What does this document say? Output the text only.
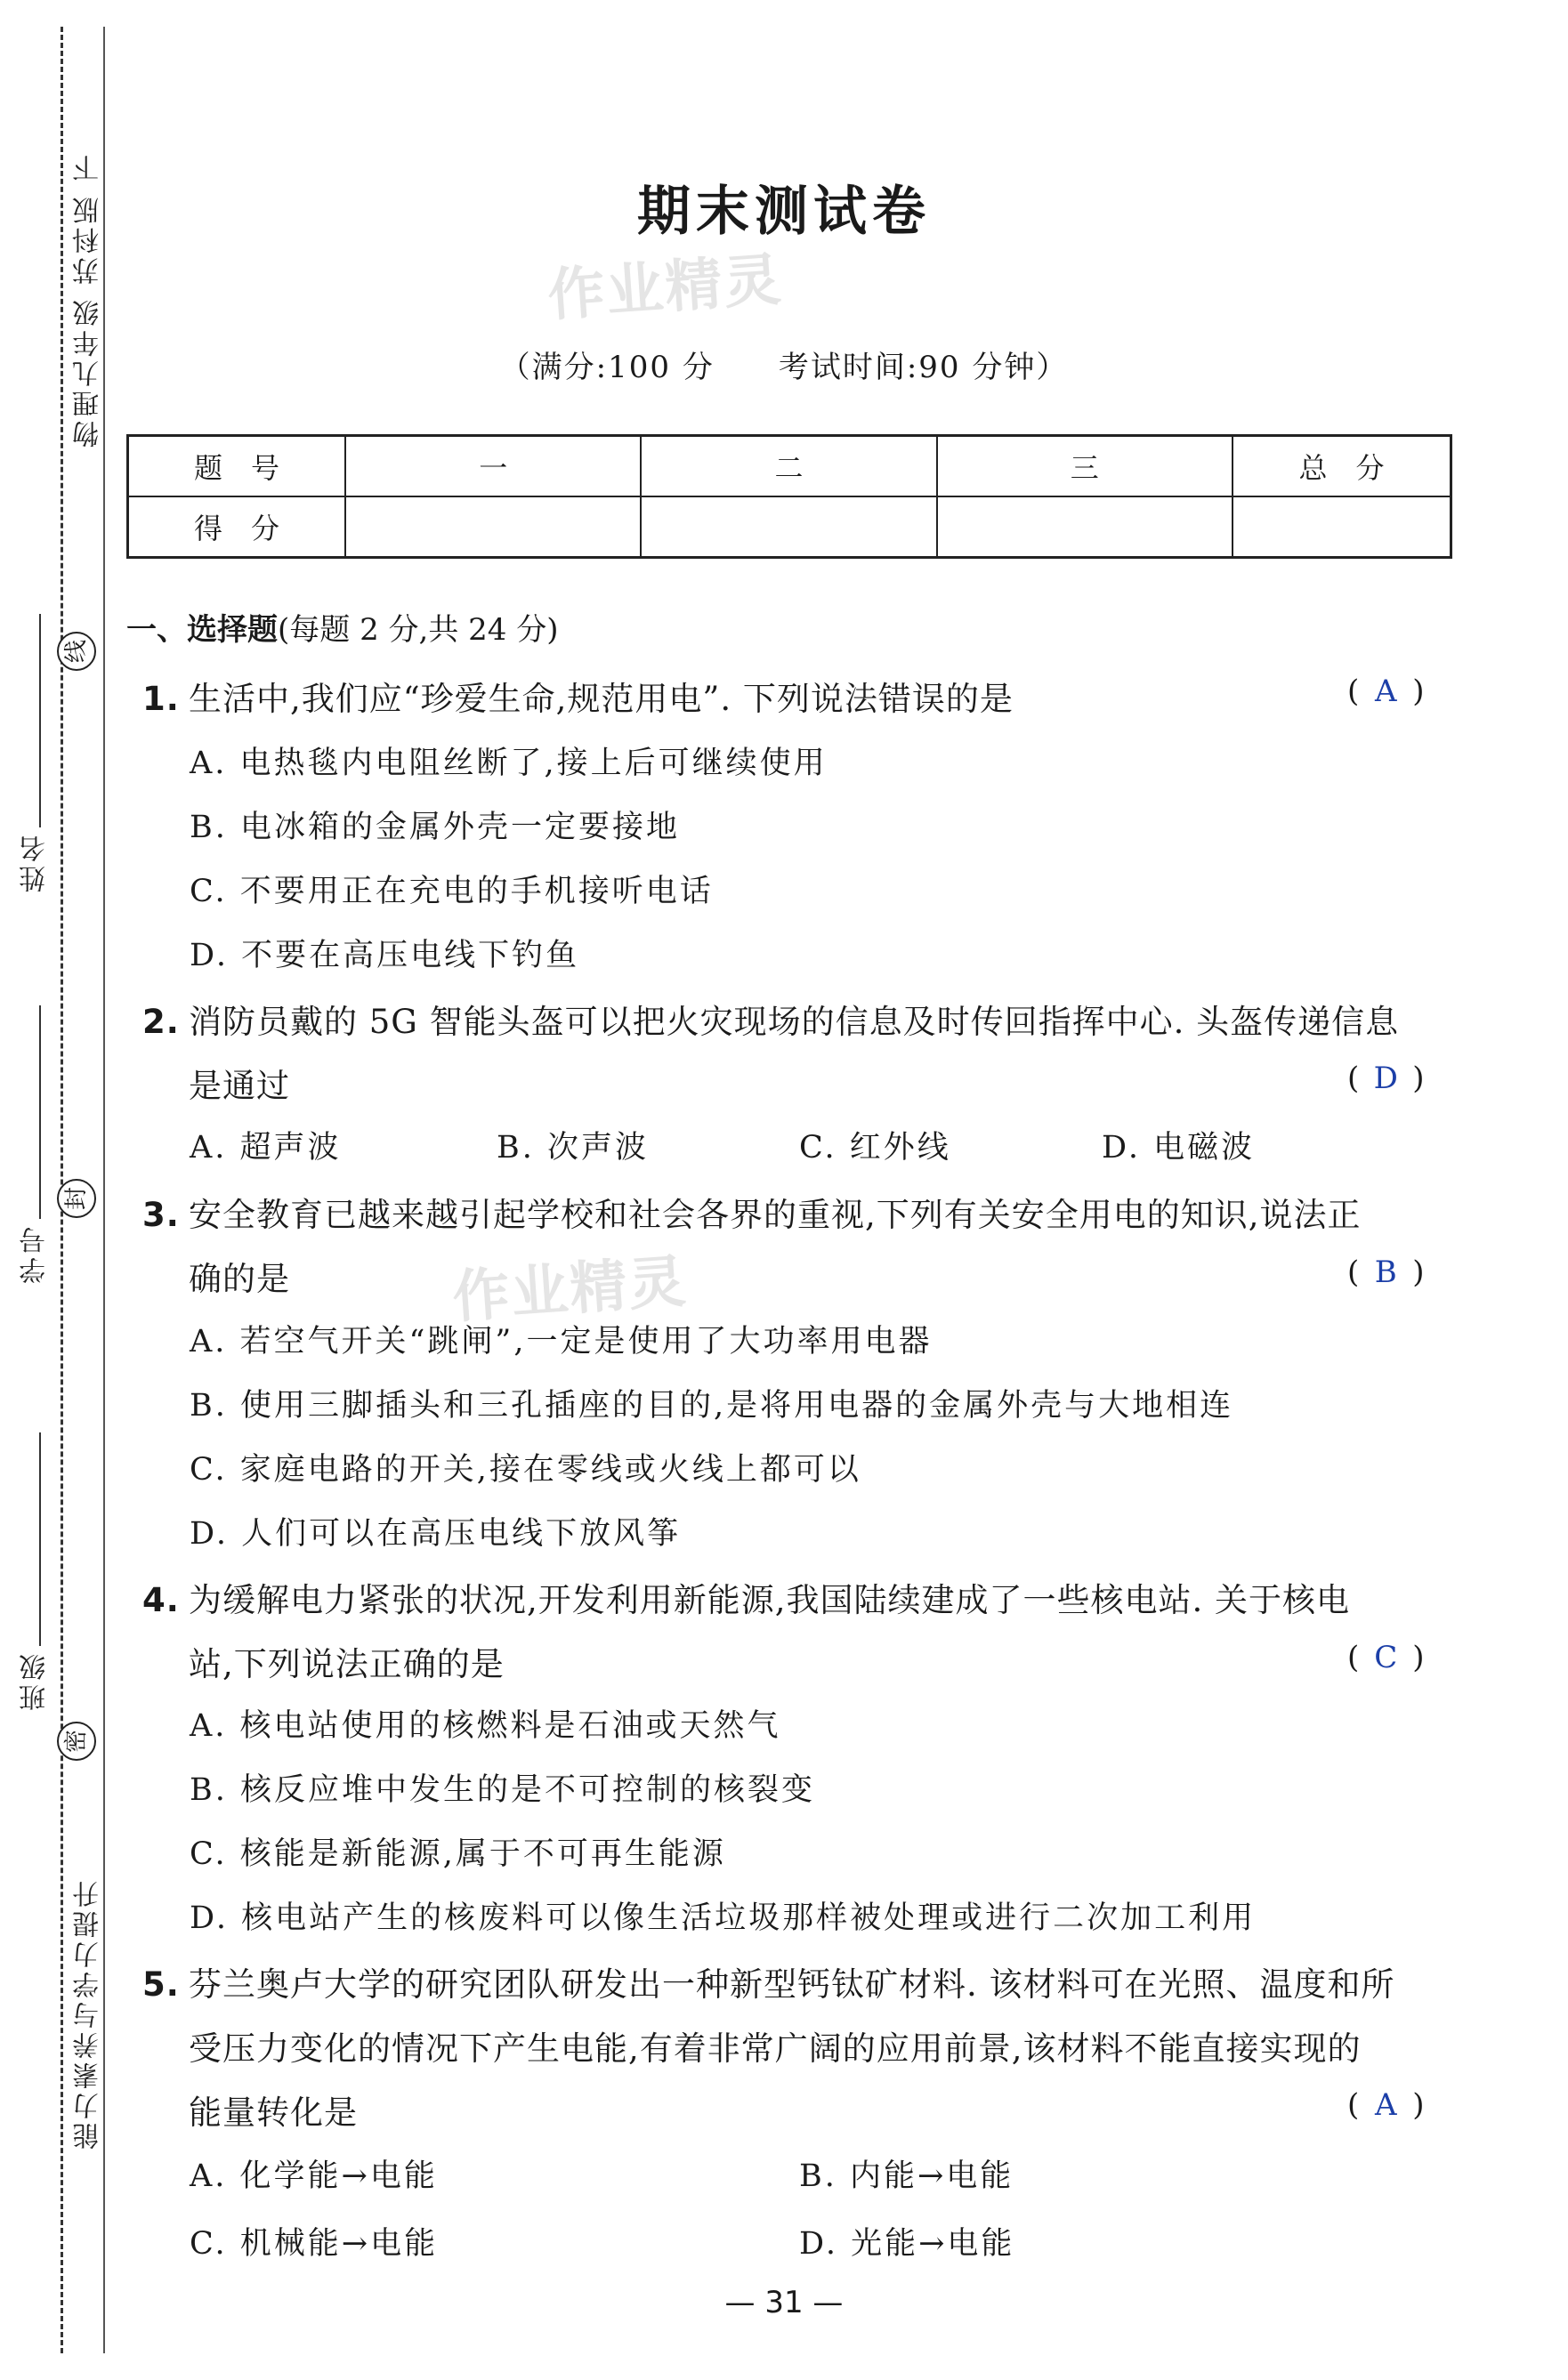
物理九年级 苏科版 下
能力素养与学力提升
姓名
学号
班级
线
封
密
期末测试卷
作业精灵
作业精灵
（满分:100 分　　考试时间:90 分钟）
题　号	一	二	三	总　分
得　分				
一、选择题(每题 2 分,共 24 分)
1. 生活中,我们应“珍爱生命,规范用电”. 下列说法错误的是	( A )
A. 电热毯内电阻丝断了,接上后可继续使用
B. 电冰箱的金属外壳一定要接地
C. 不要用正在充电的手机接听电话
D. 不要在高压电线下钓鱼
2. 消防员戴的 5G 智能头盔可以把火灾现场的信息及时传回指挥中心. 头盔传递信息
是通过	( D )
A. 超声波	B. 次声波	C. 红外线	D. 电磁波
3. 安全教育已越来越引起学校和社会各界的重视,下列有关安全用电的知识,说法正
确的是	( B )
A. 若空气开关“跳闸”,一定是使用了大功率用电器
B. 使用三脚插头和三孔插座的目的,是将用电器的金属外壳与大地相连
C. 家庭电路的开关,接在零线或火线上都可以
D. 人们可以在高压电线下放风筝
4. 为缓解电力紧张的状况,开发利用新能源,我国陆续建成了一些核电站. 关于核电
站,下列说法正确的是	( C )
A. 核电站使用的核燃料是石油或天然气
B. 核反应堆中发生的是不可控制的核裂变
C. 核能是新能源,属于不可再生能源
D. 核电站产生的核废料可以像生活垃圾那样被处理或进行二次加工利用
5. 芬兰奥卢大学的研究团队研发出一种新型钙钛矿材料. 该材料可在光照、温度和所
受压力变化的情况下产生电能,有着非常广阔的应用前景,该材料不能直接实现的
能量转化是	( A )
A. 化学能→电能	B. 内能→电能
C. 机械能→电能	D. 光能→电能
— 31 —
